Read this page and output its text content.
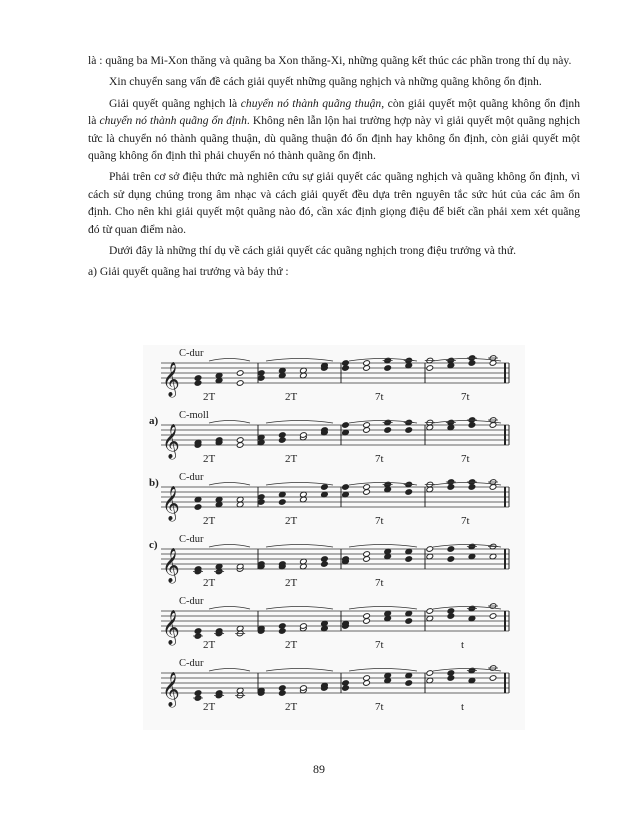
là : quãng ba Mi-Xon thăng và quãng ba Xon thăng-Xi, những quãng kết thúc các phần trong thí dụ này.

Xin chuyển sang vấn đề cách giải quyết những quãng nghịch và những quãng không ổn định.

Giải quyết quãng nghịch là chuyển nó thành quãng thuận, còn giải quyết một quãng không ổn định là chuyển nó thành quãng ổn định. Không nên lẫn lộn hai trường hợp này vì giải quyết một quãng nghịch tức là chuyển nó thành quãng thuận, dù quãng thuận đó ổn định hay không ổn định, còn giải quyết một quãng không ổn định thì phải chuyển nó thành quãng ổn định.

Phải trên cơ sở điệu thức mà nghiên cứu sự giải quyết các quãng nghịch và quãng không ổn định, vì cách sử dụng chúng trong âm nhạc và cách giải quyết đều dựa trên nguyên tắc sức hút của các âm ổn định. Cho nên khi giải quyết một quãng nào đó, cần xác định giọng điệu để biết cần phải xem xét quãng đó từ quan điểm nào.

Dưới đây là những thí dụ về cách giải quyết các quãng nghịch trong điệu trưởng và thứ.

a) Giải quyết quãng hai trưởng và bảy thứ :

C-dur
𝄞 2T	2T	7t	7t
C-moll
a)
𝄞 2T	2T	7t	7t
C-dur
b)
𝄞 2T	2T	7t	7t
C-dur
c)
𝄞 2T	2T	7t
C-dur
𝄞 2T	2T	7t	t
C-dur
𝄞 2T	2T	7t	t
89
